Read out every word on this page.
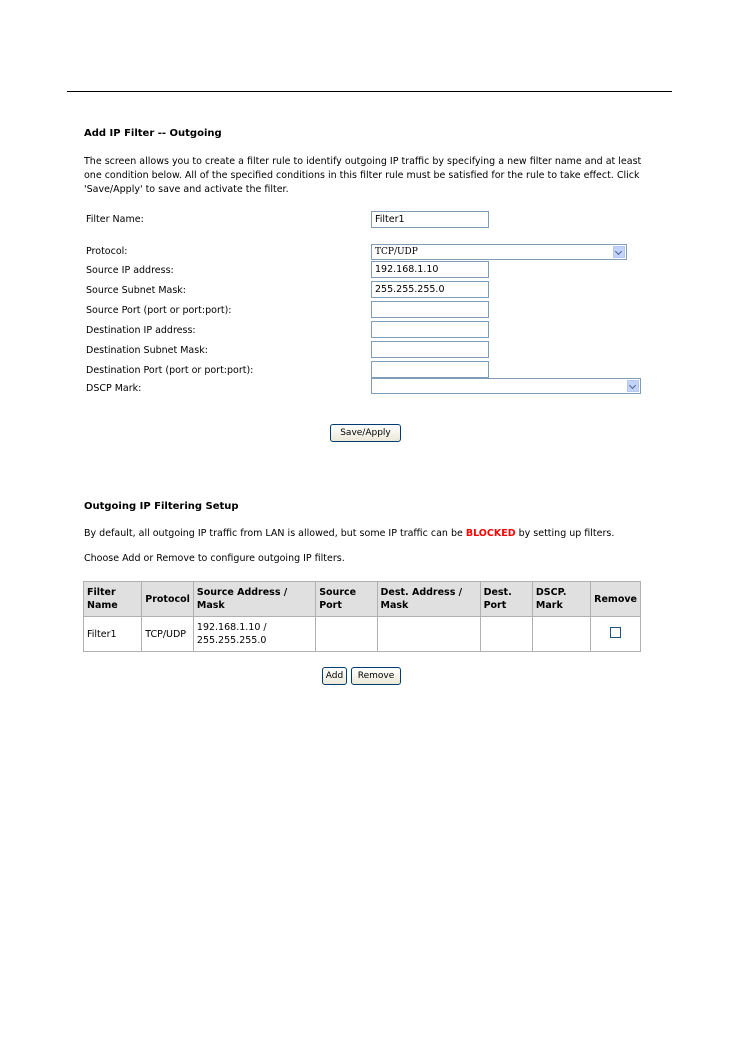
Add IP Filter -- Outgoing
The screen allows you to create a filter rule to identify outgoing IP traffic by specifying a new filter name and at least one condition below. All of the specified conditions in this filter rule must be satisfied for the rule to take effect. Click 'Save/Apply' to save and activate the filter.
Filter Name:	Filter1
Protocol:	TCP/UDP
Source IP address:	192.168.1.10
Source Subnet Mask:	255.255.255.0
Source Port (port or port:port):
Destination IP address:
Destination Subnet Mask:
Destination Port (port or port:port):
DSCP Mark:
Save/Apply
Outgoing IP Filtering Setup
By default, all outgoing IP traffic from LAN is allowed, but some IP traffic can be BLOCKED by setting up filters.
Choose Add or Remove to configure outgoing IP filters.
Filter Name	Protocol	Source Address / Mask	Source Port	Dest. Address / Mask	Dest. Port	DSCP. Mark	Remove
Filter1	TCP/UDP	192.168.1.10 / 255.255.255.0					
Add	Remove
